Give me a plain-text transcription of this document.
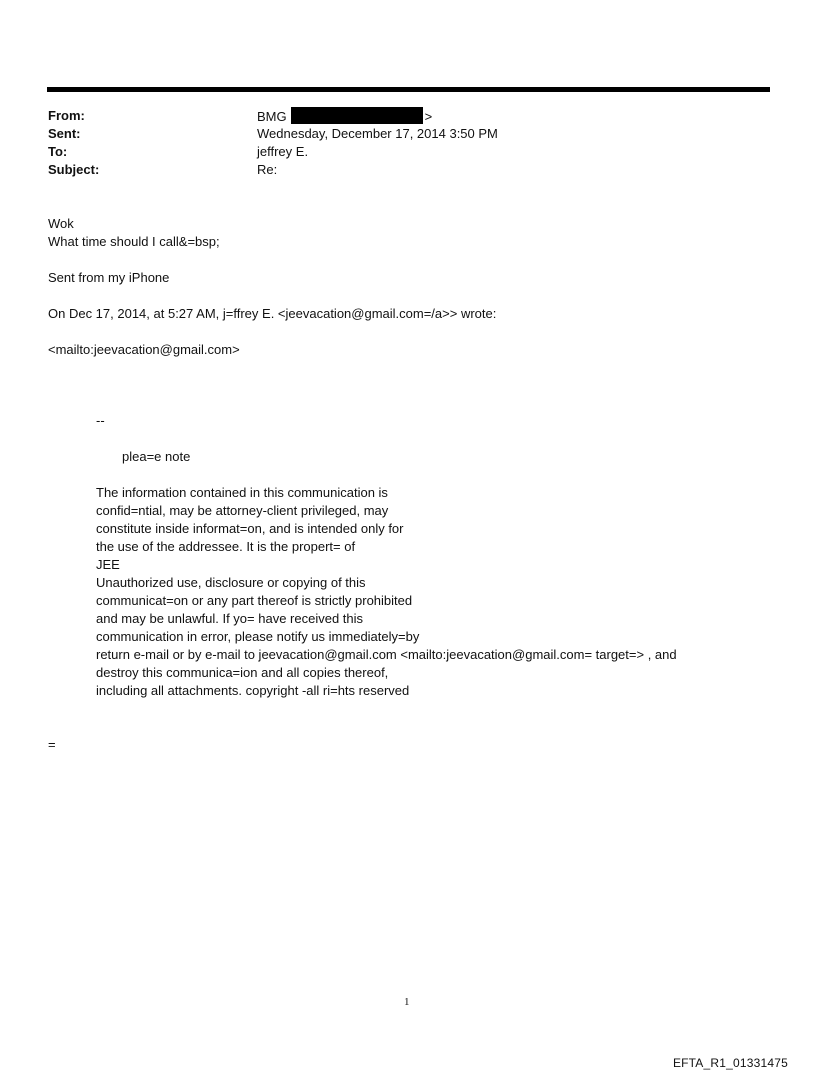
From:	BMG	>
Sent:	Wednesday, December 17, 2014 3:50 PM
To:	jeffrey E.
Subject:	Re:
Wok
What time should I call&=bsp;
Sent from my iPhone
On Dec 17, 2014, at 5:27 AM, j=ffrey E. <jeevacation@gmail.com=/a>> wrote:
<mailto:jeevacation@gmail.com>
--
plea=e note
The information contained in this communication is
confid=ntial, may be attorney-client privileged, may
constitute inside informat=on, and is intended only for
the use of the addressee. It is the propert= of
JEE
Unauthorized use, disclosure or copying of this
communicat=on or any part thereof is strictly prohibited
and may be unlawful. If yo= have received this
communication in error, please notify us immediately=by
return e-mail or by e-mail to jeevacation@gmail.com <mailto:jeevacation@gmail.com= target=> , and
destroy this communica=ion and all copies thereof,
including all attachments. copyright -all ri=hts reserved
=
1
EFTA_R1_01331475
